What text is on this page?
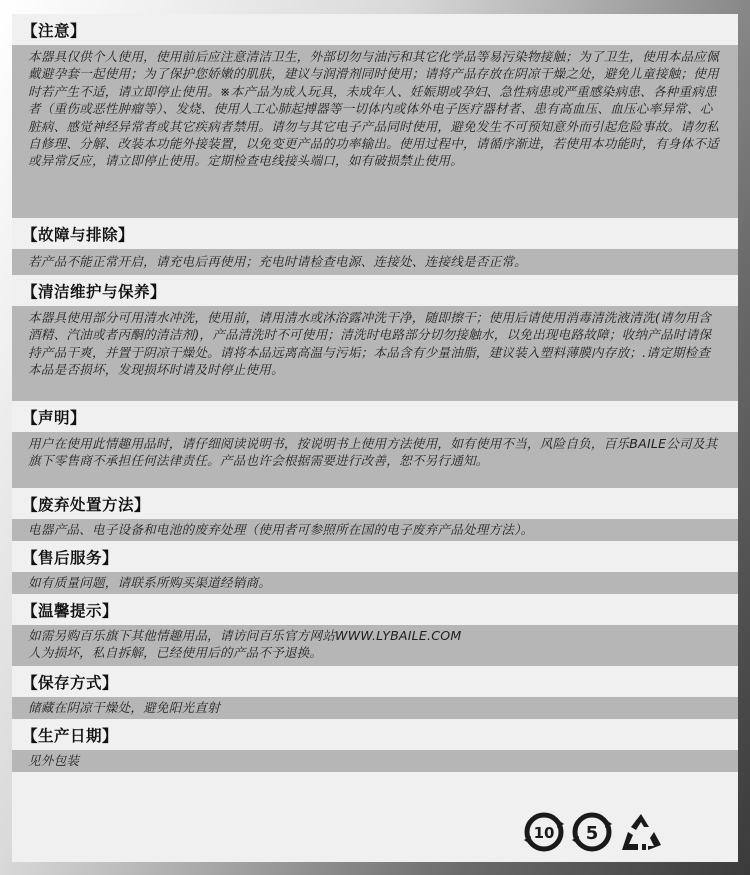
【注意】

本器具仅供个人使用，使用前后应注意清洁卫生，外部切勿与油污和其它化学品等易污染物接触；为了卫生，使用本品应佩戴避孕套一起使用；为了保护您娇嫩的肌肤，建议与润滑剂同时使用；请将产品存放在阴凉干燥之处，避免儿童接触；使用时若产生不适，请立即停止使用。※本产品为成人玩具，未成年人、妊娠期或孕妇、急性病患或严重感染病患、各种重病患者（重伤或恶性肿瘤等）、发烧、使用人工心肺起搏器等一切体内或体外电子医疗器材者、患有高血压、血压心率异常、心脏病、感觉神经异常者或其它疾病者禁用。请勿与其它电子产品同时使用，避免发生不可预知意外而引起危险事故。请勿私自修理、分解、改装本功能外接装置，以免变更产品的功率输出。使用过程中，请循序渐进，若使用本功能时，有身体不适或异常反应，请立即停止使用。定期检查电线接头端口，如有破损禁止使用。

【故障与排除】

若产品不能正常开启，请充电后再使用；充电时请检查电源、连接处、连接线是否正常。

【清洁维护与保养】

本器具使用部分可用清水冲洗，使用前，请用清水或沐浴露冲洗干净，随即擦干；使用后请使用消毒清洗液清洗(请勿用含酒精、汽油或者丙酮的清洁剂)，产品清洗时不可使用；清洗时电路部分切勿接触水，以免出现电路故障；收纳产品时请保持产品干爽，并置于阴凉干燥处。请将本品远离高温与污垢；本品含有少量油脂，建议装入塑料薄膜内存放；.请定期检查本品是否损坏，发现损坏时请及时停止使用。

【声明】

用户在使用此情趣用品时，请仔细阅读说明书，按说明书上使用方法使用，如有使用不当，风险自负，百乐BAILE公司及其旗下零售商不承担任何法律责任。产品也许会根据需要进行改善，恕不另行通知。

【废弃处置方法】

电器产品、电子设备和电池的废弃处理（使用者可参照所在国的电子废弃产品处理方法）。

【售后服务】

如有质量问题，请联系所购买渠道经销商。

【温馨提示】

如需另购百乐旗下其他情趣用品，请访问百乐官方网站WWW.LYBAILE.COM

人为损坏，私自拆解，已经使用后的产品不予退换。

【保存方式】

储藏在阴凉干燥处，避免阳光直射

【生产日期】

见外包装

10 5
